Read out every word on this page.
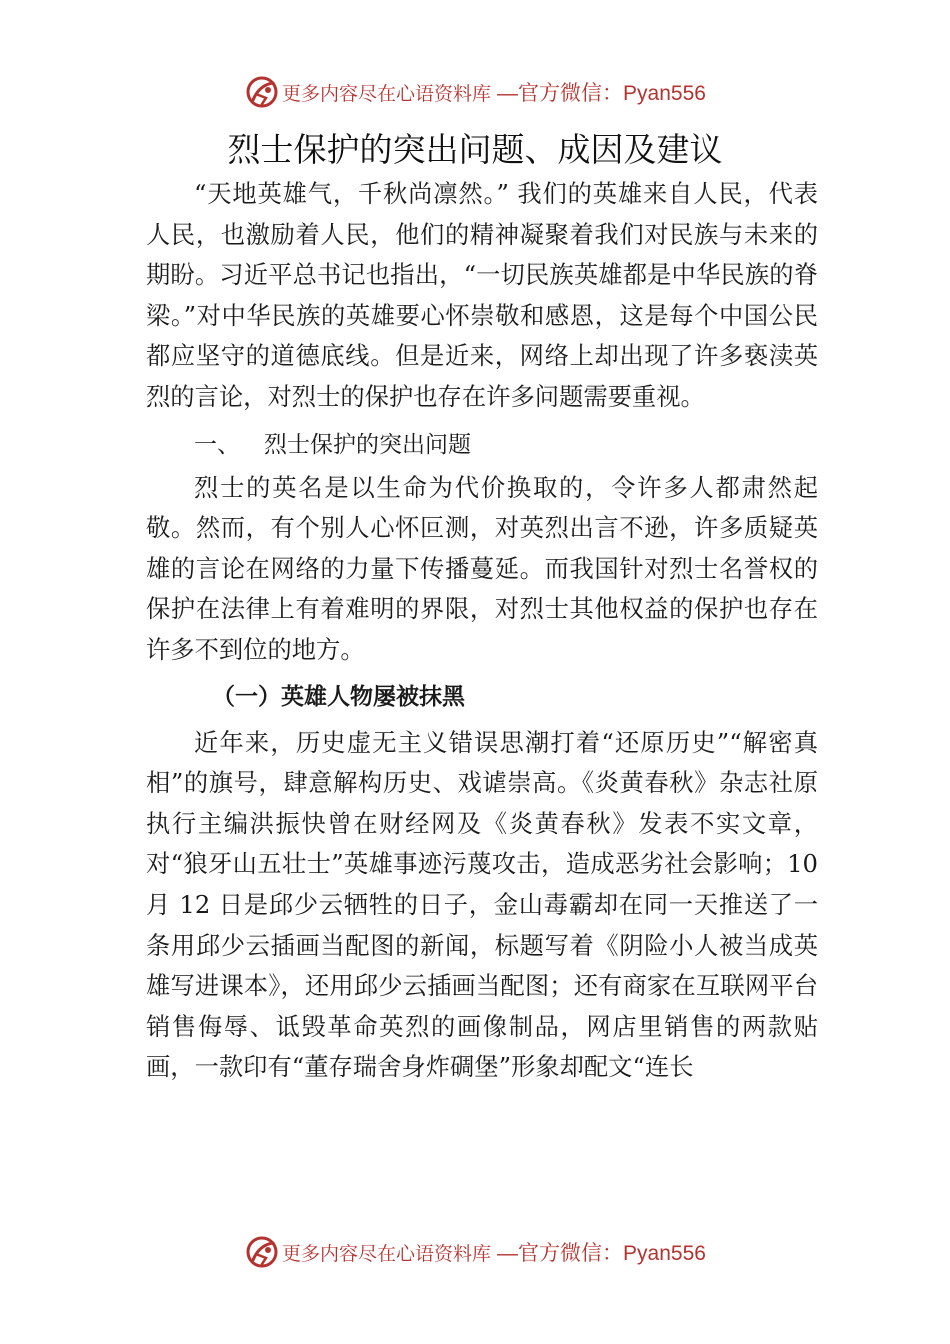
更多内容尽在心语资料库 —官方微信：Pyan556
烈士保护的突出问题、成因及建议

“天地英雄气，千秋尚凛然。” 我们的英雄来自人民，代表人民，也激励着人民，他们的精神凝聚着我们对民族与未来的期盼。习近平总书记也指出，“一切民族英雄都是中华民族的脊梁。”对中华民族的英雄要心怀崇敬和感恩，这是每个中国公民都应坚守的道德底线。但是近来，网络上却出现了许多亵渎英烈的言论，对烈士的保护也存在许多问题需要重视。

一、 烈士保护的突出问题

烈士的英名是以生命为代价换取的，令许多人都肃然起敬。然而，有个别人心怀叵测，对英烈出言不逊，许多质疑英雄的言论在网络的力量下传播蔓延。而我国针对烈士名誉权的保护在法律上有着难明的界限，对烈士其他权益的保护也存在许多不到位的地方。

（一）英雄人物屡被抹黑

近年来，历史虚无主义错误思潮打着“还原历史”“解密真相”的旗号，肆意解构历史、戏谑崇高。《炎黄春秋》杂志社原执行主编洪振快曾在财经网及《炎黄春秋》发表不实文章，对“狼牙山五壮士”英雄事迹污蔑攻击，造成恶劣社会影响；10 月 12 日是邱少云牺牲的日子，金山毒霸却在同一天推送了一条用邱少云插画当配图的新闻，标题写着《阴险小人被当成英雄写进课本》，还用邱少云插画当配图；还有商家在互联网平台销售侮辱、诋毁革命英烈的画像制品，网店里销售的两款贴画，一款印有“董存瑞舍身炸碉堡”形象却配文“连长

更多内容尽在心语资料库 —官方微信：Pyan556
